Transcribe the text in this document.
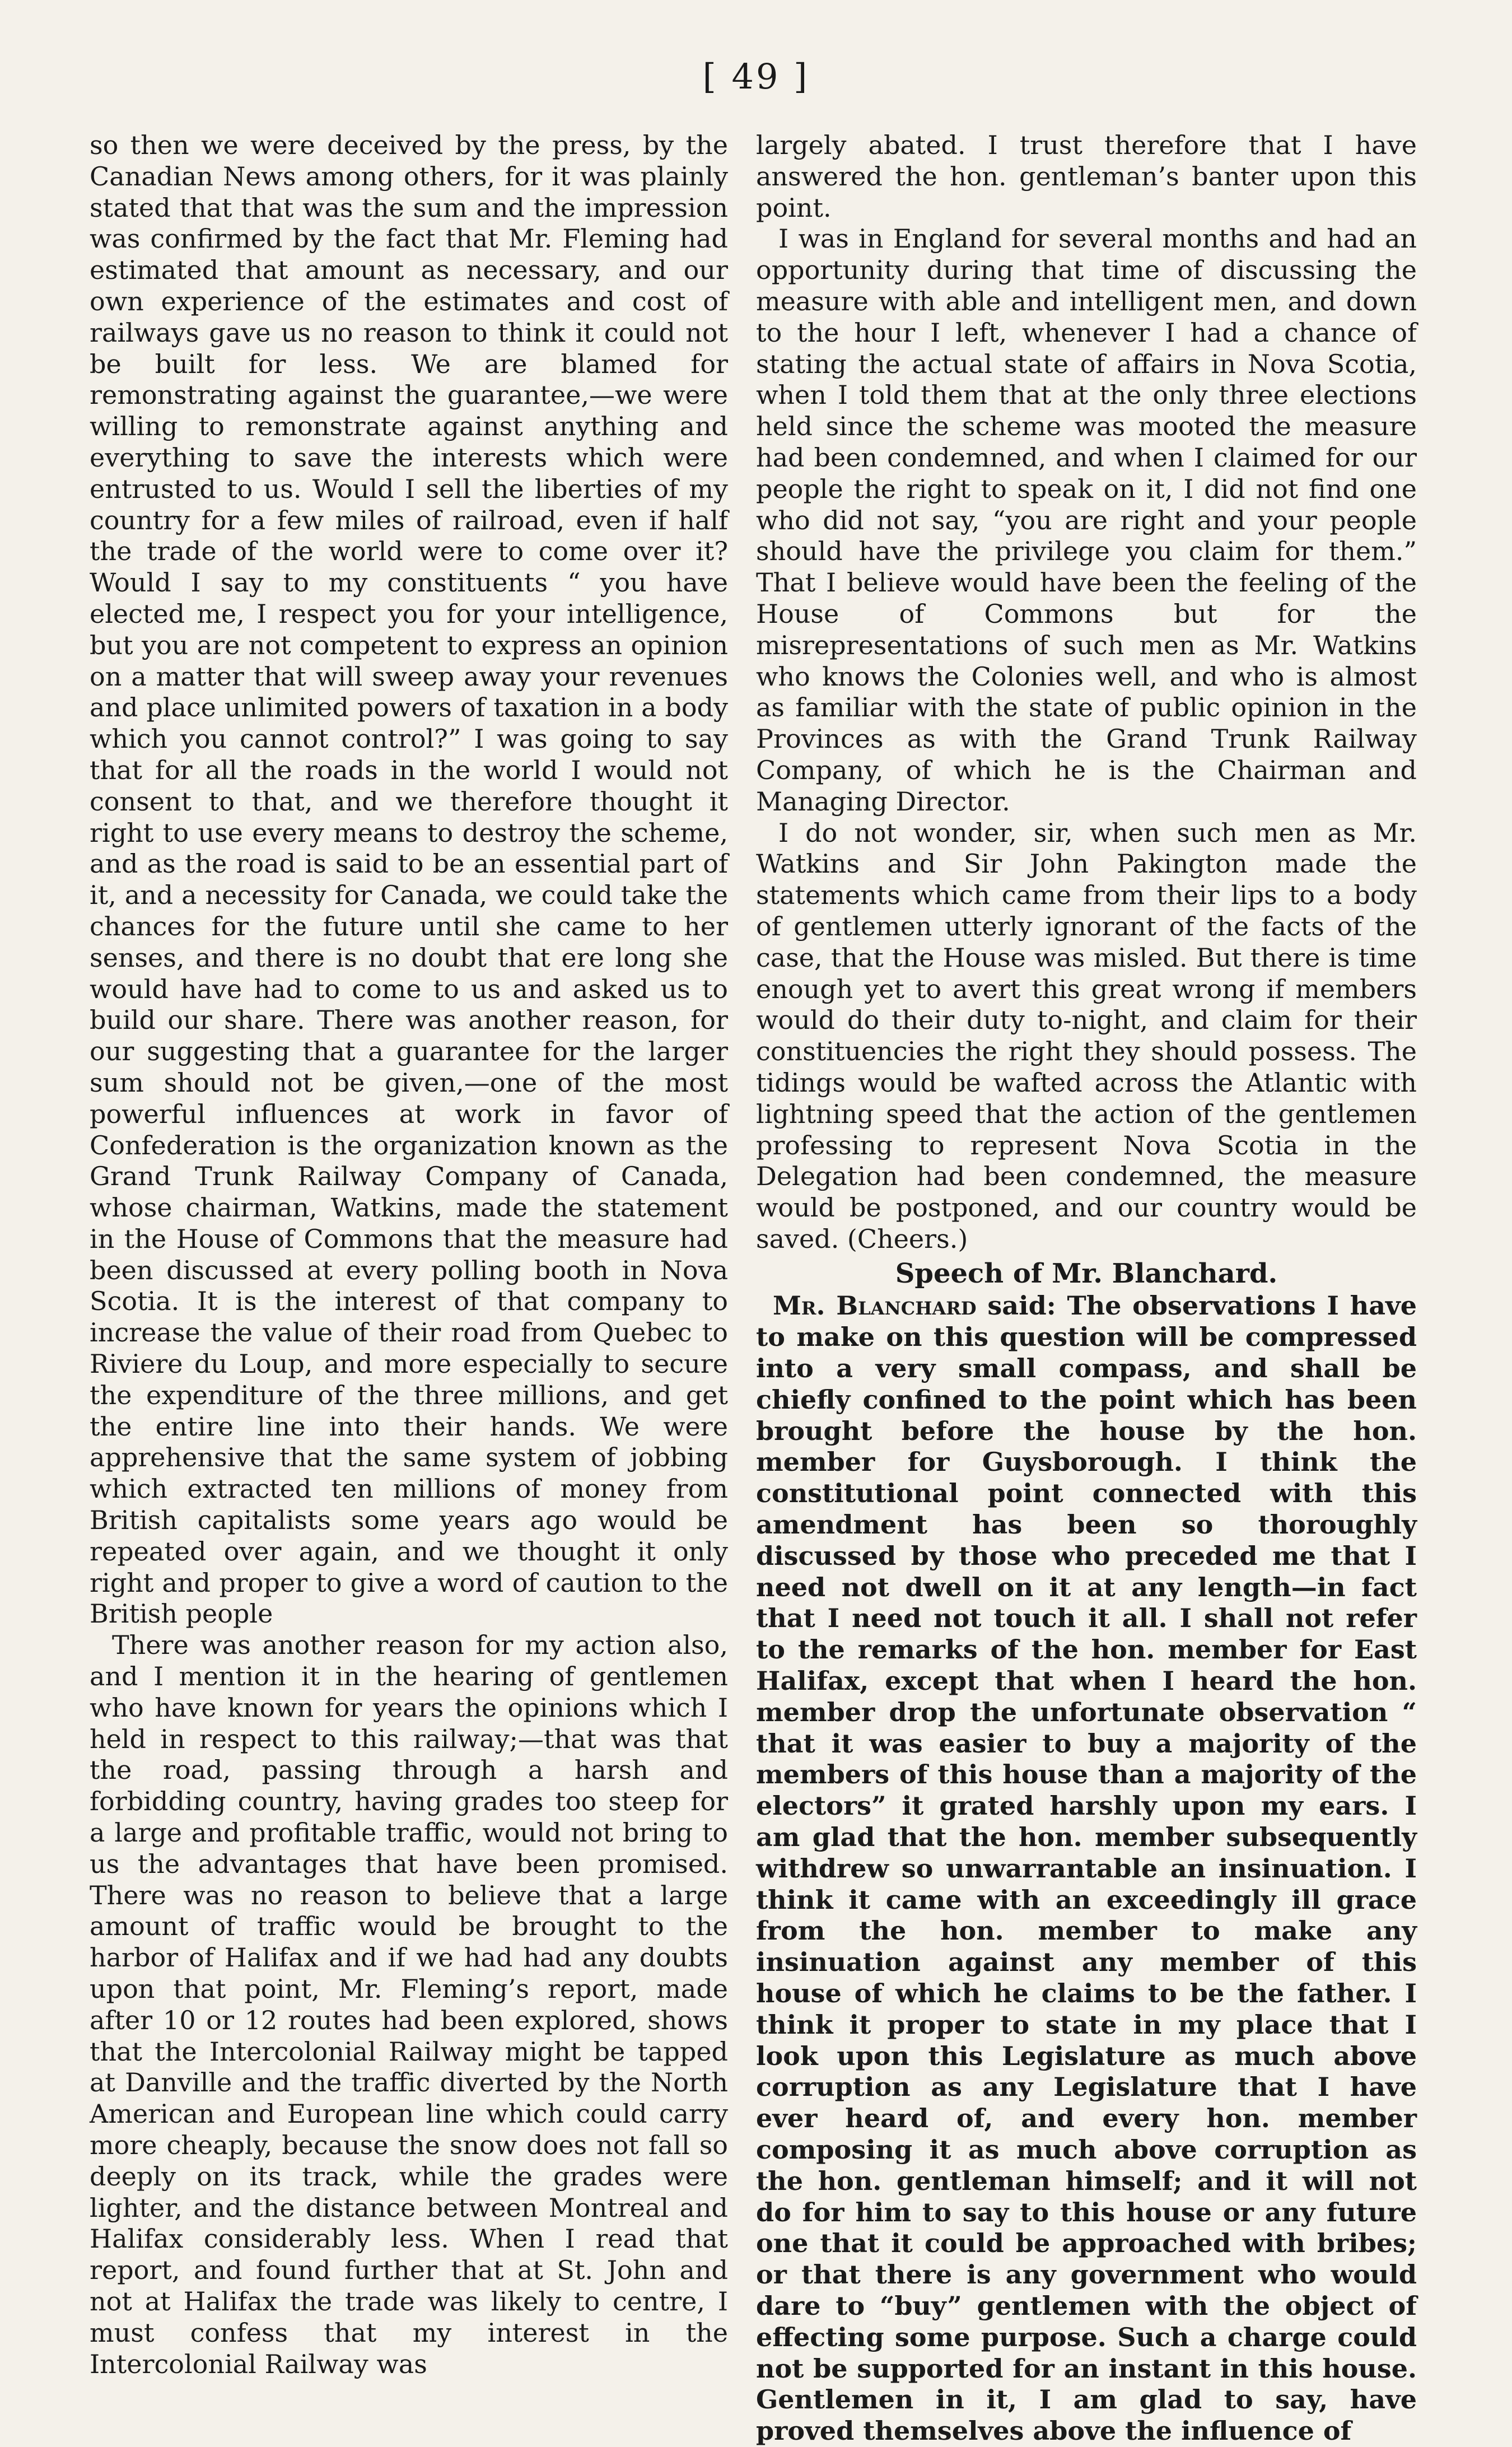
[ 49 ]

so then we were deceived by the press, by the Canadian News among others, for it was plainly stated that that was the sum and the impression was confirmed by the fact that Mr. Fleming had estimated that amount as necessary, and our own experience of the estimates and cost of railways gave us no reason to think it could not be built for less. We are blamed for remonstrating against the guarantee,—we were willing to remonstrate against anything and everything to save the interests which were entrusted to us. Would I sell the liberties of my country for a few miles of railroad, even if half the trade of the world were to come over it? Would I say to my constituents “ you have elected me, I respect you for your intelligence, but you are not competent to express an opinion on a matter that will sweep away your revenues and place unlimited powers of taxation in a body which you cannot control?” I was going to say that for all the roads in the world I would not consent to that, and we therefore thought it right to use every means to destroy the scheme, and as the road is said to be an essential part of it, and a necessity for Canada, we could take the chances for the future until she came to her senses, and there is no doubt that ere long she would have had to come to us and asked us to build our share. There was another reason, for our suggesting that a guarantee for the larger sum should not be given,—one of the most powerful influences at work in favor of Confederation is the organization known as the Grand Trunk Railway Company of Canada, whose chairman, Watkins, made the statement in the House of Commons that the measure had been discussed at every polling booth in Nova Scotia. It is the interest of that company to increase the value of their road from Quebec to Riviere du Loup, and more especially to secure the expenditure of the three millions, and get the entire line into their hands. We were apprehensive that the same system of jobbing which extracted ten millions of money from British capitalists some years ago would be repeated over again, and we thought it only right and proper to give a word of caution to the British people

There was another reason for my action also, and I mention it in the hearing of gentlemen who have known for years the opinions which I held in respect to this railway;—that was that the road, passing through a harsh and forbidding country, having grades too steep for a large and profitable traffic, would not bring to us the advantages that have been promised. There was no reason to believe that a large amount of traffic would be brought to the harbor of Halifax and if we had had any doubts upon that point, Mr. Fleming’s report, made after 10 or 12 routes had been explored, shows that the Intercolonial Railway might be tapped at Danville and the traffic diverted by the North American and European line which could carry more cheaply, because the snow does not fall so deeply on its track, while the grades were lighter, and the distance between Montreal and Halifax considerably less. When I read that report, and found further that at St. John and not at Halifax the trade was likely to centre, I must confess that my interest in the Intercolonial Railway was

largely abated. I trust therefore that I have answered the hon. gentleman’s banter upon this point.

I was in England for several months and had an opportunity during that time of discussing the measure with able and intelligent men, and down to the hour I left, whenever I had a chance of stating the actual state of affairs in Nova Scotia, when I told them that at the only three elections held since the scheme was mooted the measure had been condemned, and when I claimed for our people the right to speak on it, I did not find one who did not say, “you are right and your people should have the privilege you claim for them.” That I believe would have been the feeling of the House of Commons but for the misrepresentations of such men as Mr. Watkins who knows the Colonies well, and who is almost as familiar with the state of public opinion in the Provinces as with the Grand Trunk Railway Company, of which he is the Chairman and Managing Director.

I do not wonder, sir, when such men as Mr. Watkins and Sir John Pakington made the statements which came from their lips to a body of gentlemen utterly ignorant of the facts of the case, that the House was misled. But there is time enough yet to avert this great wrong if members would do their duty to-night, and claim for their constituencies the right they should possess. The tidings would be wafted across the Atlantic with lightning speed that the action of the gentlemen professing to represent Nova Scotia in the Delegation had been condemned, the measure would be postponed, and our country would be saved. (Cheers.)

Speech of Mr. Blanchard.

Mr. Blanchard said: The observations I have to make on this question will be compressed into a very small compass, and shall be chiefly confined to the point which has been brought before the house by the hon. member for Guysborough. I think the constitutional point connected with this amendment has been so thoroughly discussed by those who preceded me that I need not dwell on it at any length—in fact that I need not touch it all. I shall not refer to the remarks of the hon. member for East Halifax, except that when I heard the hon. member drop the unfortunate observation “ that it was easier to buy a majority of the members of this house than a majority of the electors” it grated harshly upon my ears. I am glad that the hon. member subsequently withdrew so unwarrantable an insinuation. I think it came with an exceedingly ill grace from the hon. member to make any insinuation against any member of this house of which he claims to be the father. I think it proper to state in my place that I look upon this Legislature as much above corruption as any Legislature that I have ever heard of, and every hon. member composing it as much above corruption as the hon. gentleman himself; and it will not do for him to say to this house or any future one that it could be approached with bribes; or that there is any government who would dare to “buy” gentlemen with the object of effecting some purpose. Such a charge could not be supported for an instant in this house. Gentlemen in it, I am glad to say, have proved themselves above the influence of
